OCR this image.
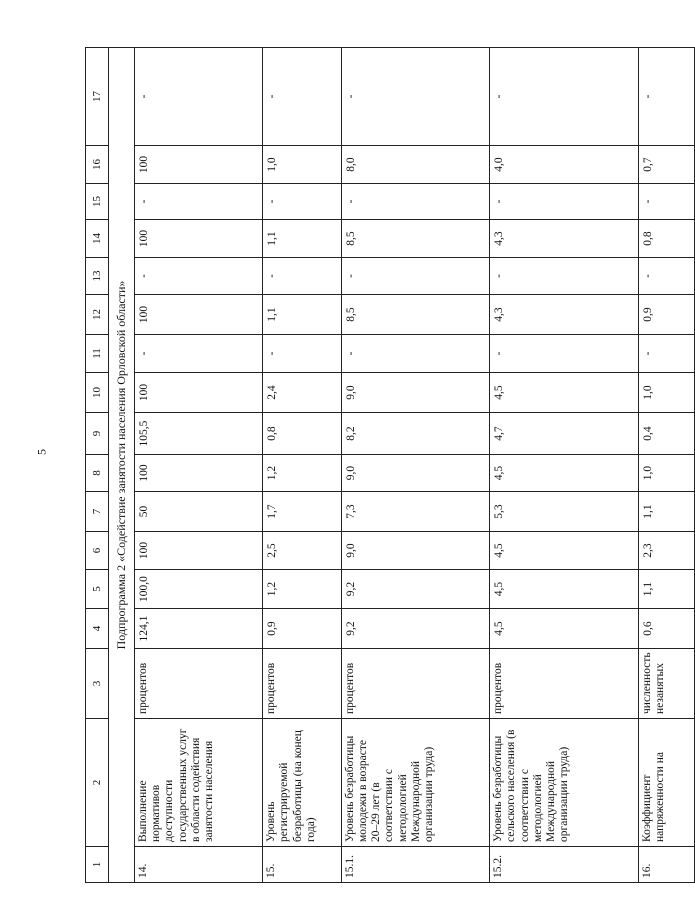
5
1	2	3	4	5	6	7	8	9	10	11	12	13	14	15	16	17
Подпрограмма 2 «Содействие занятости населения Орловской области»																
14.	Выполнение нормативов доступности государственных услуг в области содействия занятости населения	процентов	124,1	100,0	100	50	100	105,5	100	-	100	-	100	-	100	-
15.	Уровень регистрируемой безработицы (на конец года)	процентов	0,9	1,2	2,5	1,7	1,2	0,8	2,4	-	1,1	-	1,1	-	1,0	-
15.1.	Уровень безработицы молодежи в возрасте 20–29 лет (в соответствии с методологией Международной организации труда)	процентов	9,2	9,2	9,0	7,3	9,0	8,2	9,0	-	8,5	-	8,5	-	8,0	-
15.2.	Уровень безработицы сельского населения (в соответствии с методологией Международной организации труда)	процентов	4,5	4,5	4,5	5,3	4,5	4,7	4,5	-	4,3	-	4,3	-	4,0	-
16.	Коэффициент напряженности на	численность незанятых	0,6	1,1	2,3	1,1	1,0	0,4	1,0	-	0,9	-	0,8	-	0,7	-
